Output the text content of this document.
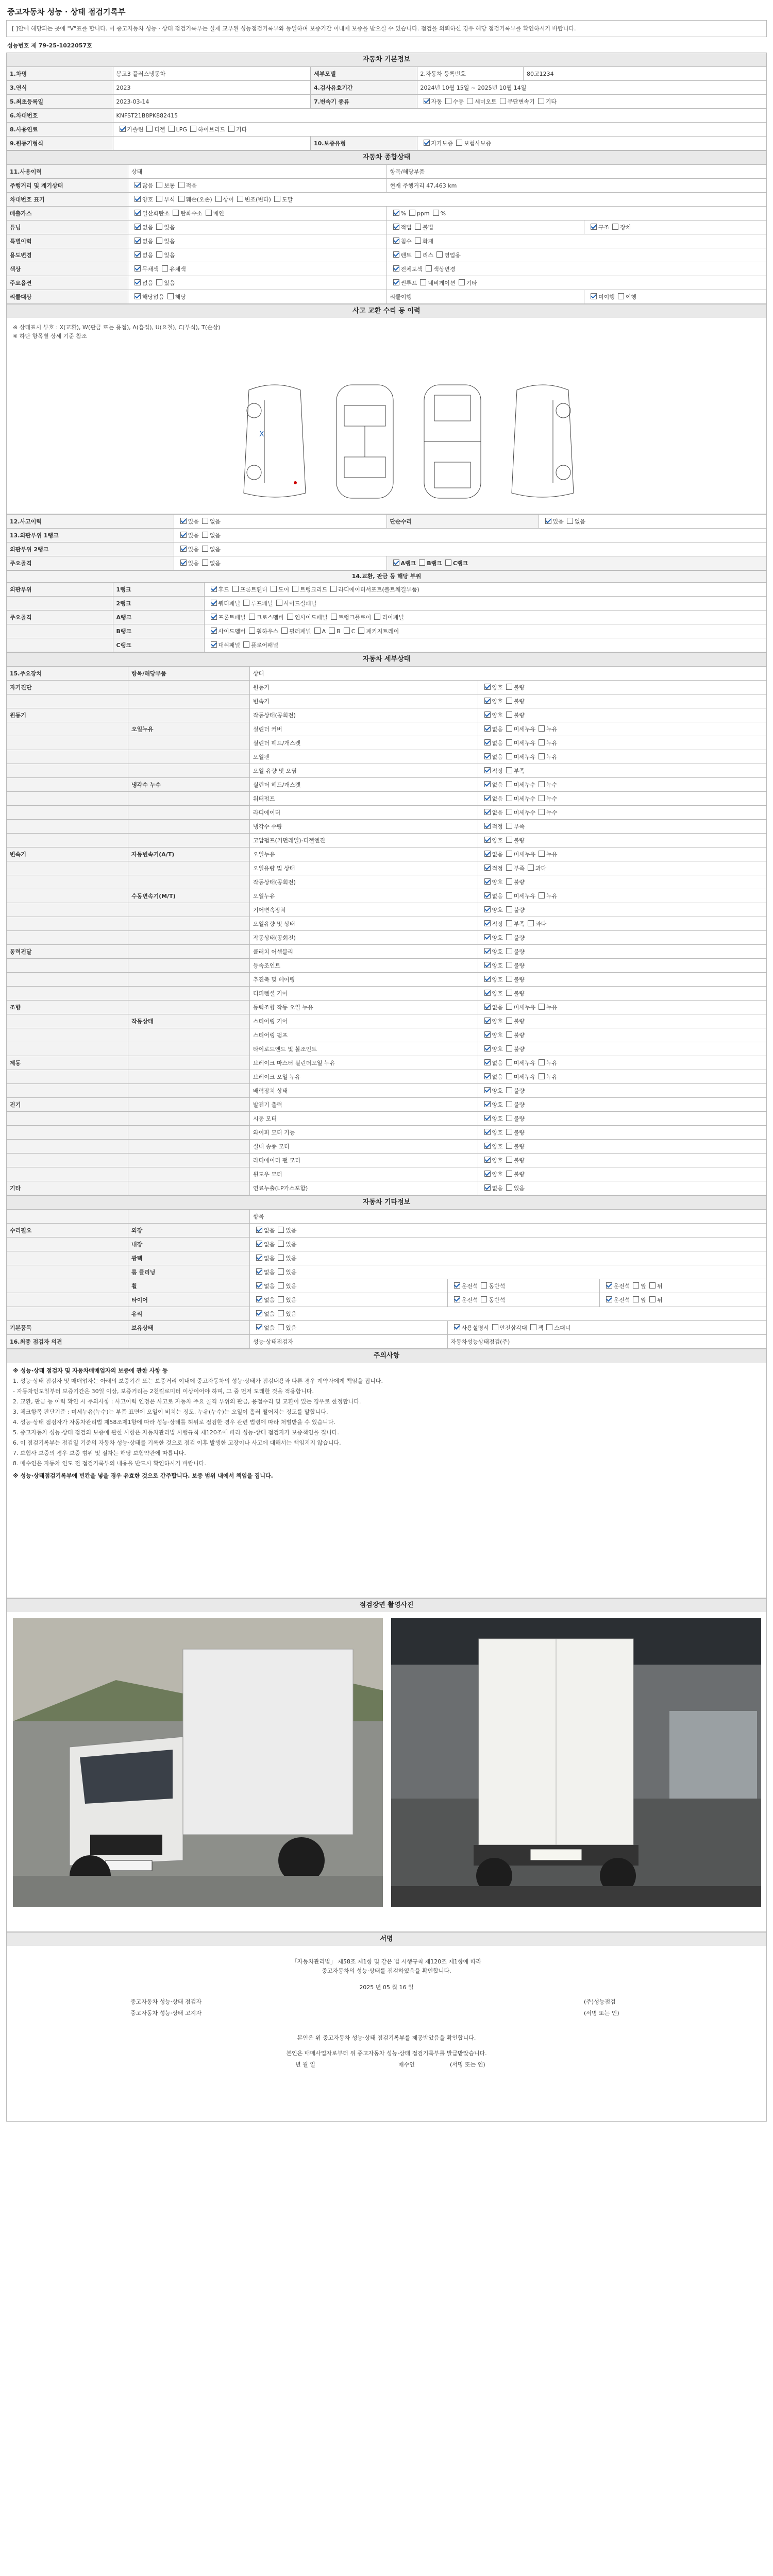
중고자동차 성능 · 상태 점검기록부
[ ]안에 해당되는 곳에 "V"표를 합니다. 이 중고자동차 성능 · 상태 점검기록부는 실제 교부된 성능점검기록부와 동일하며 보증기간 이내에 보증을 받으실 수 있습니다. 점검을 의뢰하신 경우 해당 점검기록부를 확인하시기 바랍니다.
성능번호 제 79-25-1022057호
자동차 기본정보
1.차명	봉고3 플러스냉동차	세부모델	2.자동차 등록번호	80고1234
3.연식	2023	4.검사유효기간	2024년 10월 15일 ~ 2025년 10월 14일	
5.최초등록일	2023-03-14	7.변속기 종류	자동 수동 세미오토 무단변속기 기타	
6.차대번호	KNFST21B8PK882415			
8.사용연료	가솔린 디젤 LPG 하이브리드 기타			
9.원동기형식		10.보증유형	자가보증 보험사보증	
자동차 종합상태
11.사용이력	상태	항목/해당부품	
주행거리 및 계기상태	많음 보통 적음	현재 주행거리 47,463 km	
차대번호 표기	양호 부식 훼손(오손) 상이 변조(변타) 도말		
배출가스	일산화탄소 탄화수소 매연	% ppm %	
튜닝	없음 있음	적법 불법	구조 장치
특별이력	없음 있음	침수 화재	
용도변경	없음 있음	렌트 리스 영업용	
색상	무채색 유채색	전체도색 색상변경	
주요옵션	없음 있음	썬루프 네비게이션 기타	
리콜대상	해당없음 해당	리콜이행	미이행 이행
사고 교환 수리 등 이력
※ 상태표시 부호 : X(교환), W(판금 또는 용접), A(흠집), U(요철), C(부식), T(손상)
※ 하단 항목별 상세 기준 참조
X
12.사고이력	있음 없음	단순수리	있음 없음
13.외판부위 1랭크	있음 없음		
외판부위 2랭크	있음 없음		
주요골격	있음 없음	A랭크 B랭크 C랭크	
14.교환, 판금 등 해당 부위
외판부위	1랭크	후드 프론트휀더 도어 트렁크리드 라디에이터서포트(볼트체결부품)
	2랭크	쿼터패널 루프패널 사이드실패널
주요골격	A랭크	프론트패널 크로스멤버 인사이드패널 트렁크플로어 리어패널
	B랭크	사이드멤버 휠하우스 필러패널 A B C 패키지트레이
	C랭크	대쉬패널 플로어패널
자동차 세부상태
15.주요장치	항목/해당부품	상태	
자기진단		원동기	양호 불량
		변속기	양호 불량
원동기		작동상태(공회전)	양호 불량
	오일누유	실린더 커버	없음 미세누유 누유
		실린더 헤드/개스켓	없음 미세누유 누유
		오일팬	없음 미세누유 누유
		오일 유량 및 오염	적정 부족
	냉각수 누수	실린더 헤드/개스켓	없음 미세누수 누수
		워터펌프	없음 미세누수 누수
		라디에이터	없음 미세누수 누수
		냉각수 수량	적정 부족
		고압펌프(커먼레일)-디젤엔진	양호 불량
변속기	자동변속기(A/T)	오일누유	없음 미세누유 누유
		오일유량 및 상태	적정 부족 과다
		작동상태(공회전)	양호 불량
	수동변속기(M/T)	오일누유	없음 미세누유 누유
		기어변속장치	양호 불량
		오일유량 및 상태	적정 부족 과다
		작동상태(공회전)	양호 불량
동력전달		클러치 어셈블리	양호 불량
		등속조인트	양호 불량
		추진축 및 베어링	양호 불량
		디퍼렌셜 기어	양호 불량
조향		동력조향 작동 오일 누유	없음 미세누유 누유
	작동상태	스티어링 기어	양호 불량
		스티어링 펌프	양호 불량
		타이로드엔드 및 볼조인트	양호 불량
제동		브레이크 마스터 실린더오일 누유	없음 미세누유 누유
		브레이크 오일 누유	없음 미세누유 누유
		배력장치 상태	양호 불량
전기		발전기 출력	양호 불량
		시동 모터	양호 불량
		와이퍼 모터 기능	양호 불량
		실내 송풍 모터	양호 불량
		라디에이터 팬 모터	양호 불량
		윈도우 모터	양호 불량
기타		연료누출(LP가스포함)	없음 있음
자동차 기타정보
		항목		
수리필요	외장	없음 있음		
	내장	없음 있음		
	광택	없음 있음		
	룸 클리닝	없음 있음		
	휠	없음 있음	운전석 동반석	운전석 앞 뒤
	타이어	없음 있음	운전석 동반석	운전석 앞 뒤
	유리	없음 있음		
기본품목	보유상태	없음 있음	사용설명서 안전삼각대 잭 스패너	
16.최종 점검자 의견		성능·상태점검자	자동차성능상태점검(주)	
주의사항

※ 성능·상태 점검자 및 자동차매매업자의 보증에 관한 사항 등

1. 성능·상태 점검자 및 매매업자는 아래의 보증기간 또는 보증거리 이내에 중고자동차의 성능·상태가 점검내용과 다른 경우 계약자에게 책임을 집니다.

- 자동차인도일부터 보증기간은 30일 이상, 보증거리는 2천킬로미터 이상이어야 하며, 그 중 먼저 도래한 것을 적용합니다.

2. 교환, 판금 등 이력 확인 시 주의사항 : 사고이력 인정은 사고로 자동차 주요 골격 부위의 판금, 용접수리 및 교환이 있는 경우로 한정합니다.

3. 체크항목 판단기준 : 미세누유(누수)는 부품 표면에 오일이 비치는 정도, 누유(누수)는 오일이 흘러 떨어지는 정도를 말합니다.

4. 성능·상태 점검자가 자동차관리법 제58조제1항에 따라 성능·상태를 허위로 점검한 경우 관련 법령에 따라 처벌받을 수 있습니다.

5. 중고자동차 성능·상태 점검의 보증에 관한 사항은 자동차관리법 시행규칙 제120조에 따라 성능·상태 점검자가 보증책임을 집니다.

6. 이 점검기록부는 점검일 기준의 자동차 성능·상태를 기록한 것으로 점검 이후 발생한 고장이나 사고에 대해서는 책임지지 않습니다.

7. 보험사 보증의 경우 보증 범위 및 절차는 해당 보험약관에 따릅니다.

8. 매수인은 자동차 인도 전 점검기록부의 내용을 반드시 확인하시기 바랍니다.

※ 성능·상태점검기록부에 빈칸을 넣을 경우 유효한 것으로 간주합니다. 보증 범위 내에서 책임을 집니다.

점검장면 촬영사진
서명
「자동차관리법」 제58조 제1항 및 같은 법 시행규칙 제120조 제1항에 따라
중고자동차의 성능·상태를 점검하였음을 확인합니다.
2025 년 05 월 16 일
중고자동차 성능·상태 점검자	(주)성능점검
중고자동차 성능·상태 고지자	(서명 또는 인)
본인은 위 중고자동차 성능·상태 점검기록부를 제공받았음을 확인합니다.
본인은 매매사업자로부터 위 중고자동차 성능·상태 점검기록부를 발급받았습니다.
년 월 일	매수인	(서명 또는 인)
